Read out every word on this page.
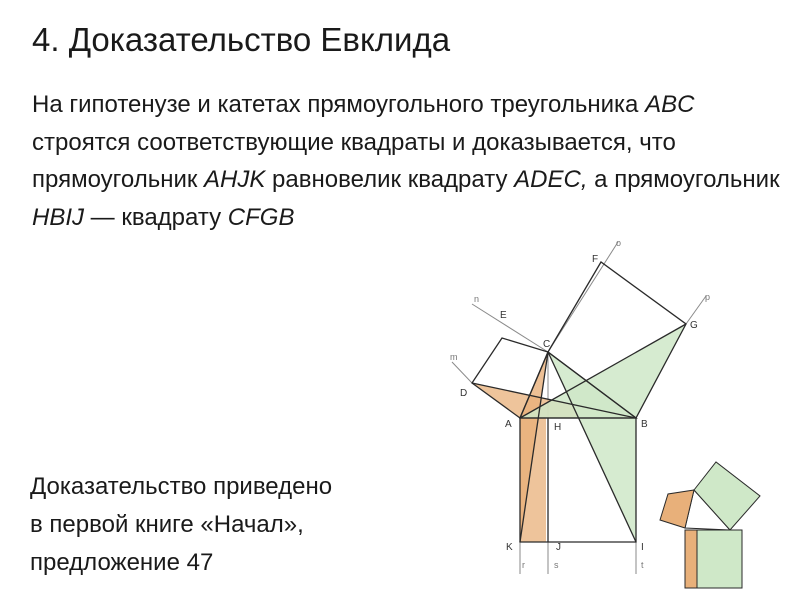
4. Доказательство Евклида

На гипотенузе и катетах прямоугольного треугольника ABC строятся соответствующие квадраты и доказывается, что прямоугольник AHJK равновелик квадрату ADEC, а прямоугольник HBIJ — квадрату CFGB

Доказательство приведено
в первой книге «Начал»,
предложение 47
A	B
C
D
E
F
G
H
K	J	I
m
n
o
p
r	s	t
